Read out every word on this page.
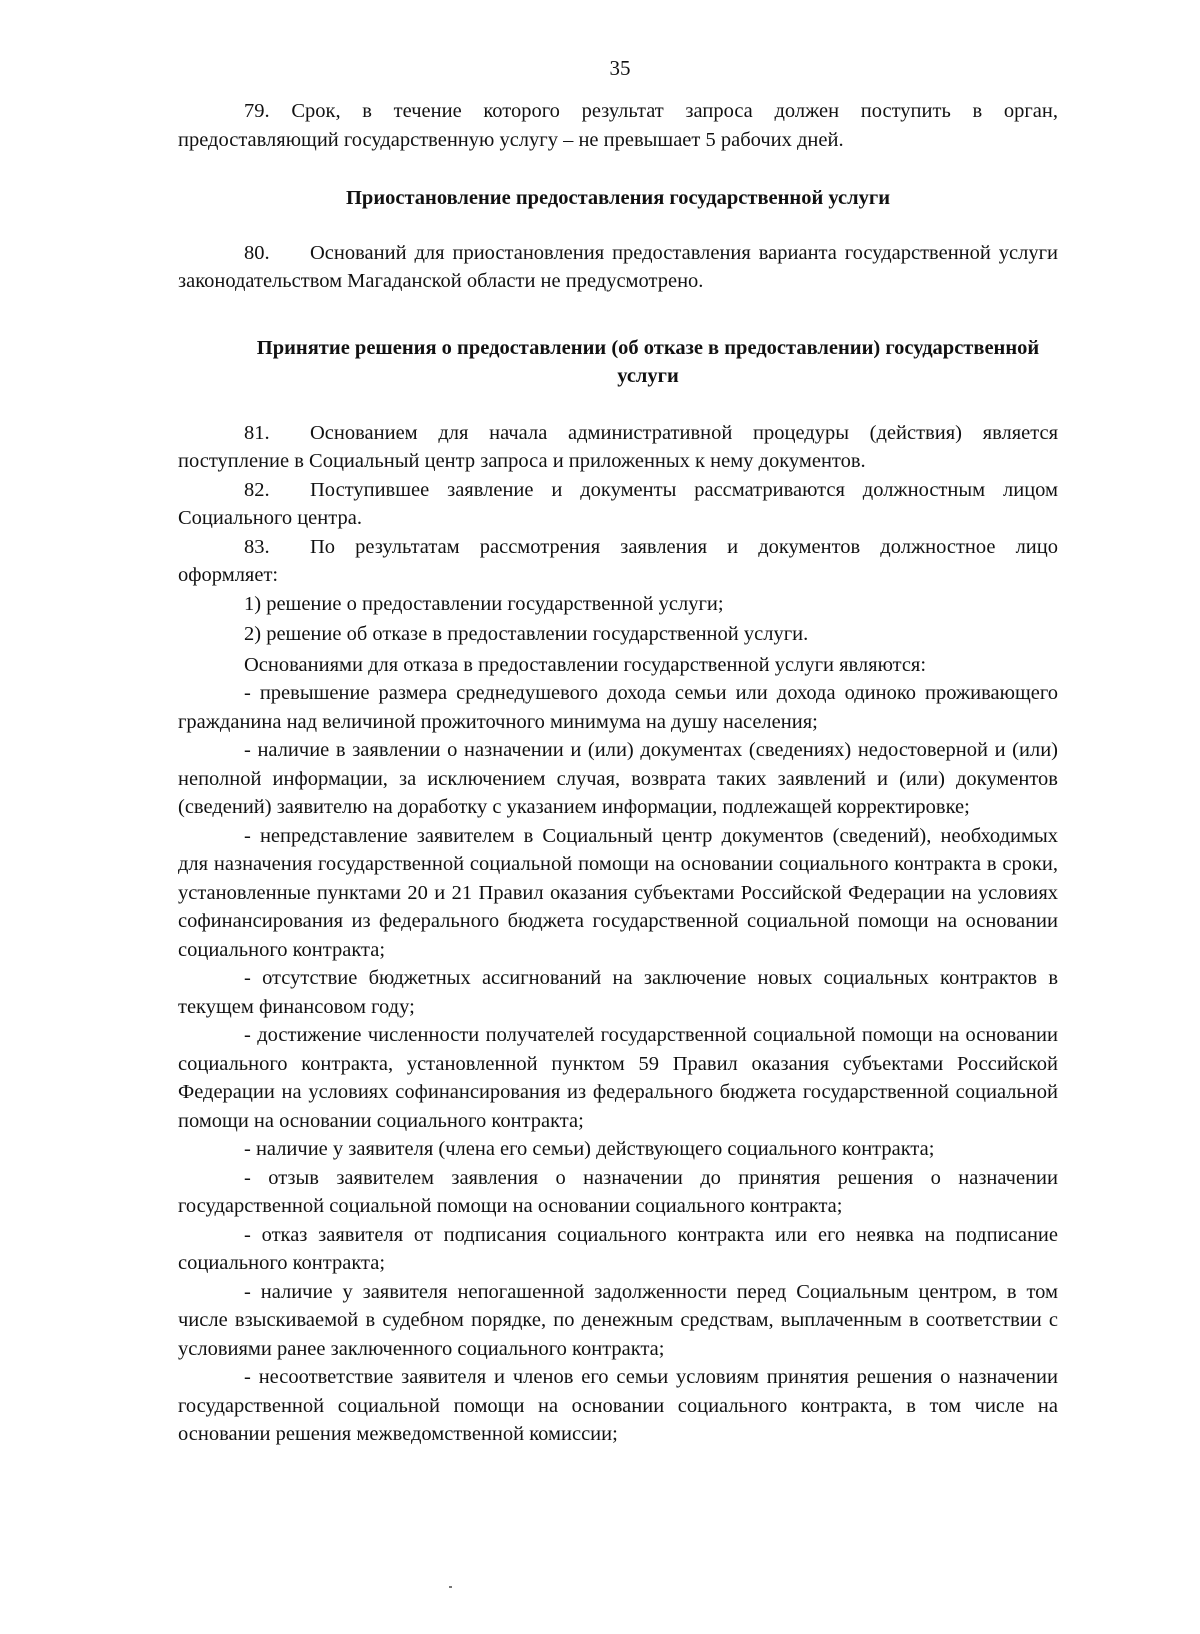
35

79. Срок, в течение которого результат запроса должен поступить в орган, предоставляющий государственную услугу – не превышает 5 рабочих дней.

Приостановление предоставления государственной услуги

80. Оснований для приостановления предоставления варианта государственной услуги законодательством Магаданской области не предусмотрено.

Принятие решения о предоставлении (об отказе в предоставлении) государственной услуги

81. Основанием для начала административной процедуры (действия) является поступление в Социальный центр запроса и приложенных к нему документов.

82. Поступившее заявление и документы рассматриваются должностным лицом Социального центра.

83. По результатам рассмотрения заявления и документов должностное лицо оформляет:

1) решение о предоставлении государственной услуги;

2) решение об отказе в предоставлении государственной услуги.

Основаниями для отказа в предоставлении государственной услуги являются:

- превышение размера среднедушевого дохода семьи или дохода одиноко проживающего гражданина над величиной прожиточного минимума на душу населения;

- наличие в заявлении о назначении и (или) документах (сведениях) недостоверной и (или) неполной информации, за исключением случая, возврата таких заявлений и (или) документов (сведений) заявителю на доработку с указанием информации, подлежащей корректировке;

- непредставление заявителем в Социальный центр документов (сведений), необходимых для назначения государственной социальной помощи на основании социального контракта в сроки, установленные пунктами 20 и 21 Правил оказания субъектами Российской Федерации на условиях софинансирования из федерального бюджета государственной социальной помощи на основании социального контракта;

- отсутствие бюджетных ассигнований на заключение новых социальных контрактов в текущем финансовом году;

- достижение численности получателей государственной социальной помощи на основании социального контракта, установленной пунктом 59 Правил оказания субъектами Российской Федерации на условиях софинансирования из федерального бюджета государственной социальной помощи на основании социального контракта;

- наличие у заявителя (члена его семьи) действующего социального контракта;

- отзыв заявителем заявления о назначении до принятия решения о назначении государственной социальной помощи на основании социального контракта;

- отказ заявителя от подписания социального контракта или его неявка на подписание социального контракта;

- наличие у заявителя непогашенной задолженности перед Социальным центром, в том числе взыскиваемой в судебном порядке, по денежным средствам, выплаченным в соответствии с условиями ранее заключенного социального контракта;

- несоответствие заявителя и членов его семьи условиям принятия решения о назначении государственной социальной помощи на основании социального контракта, в том числе на основании решения межведомственной комиссии;
